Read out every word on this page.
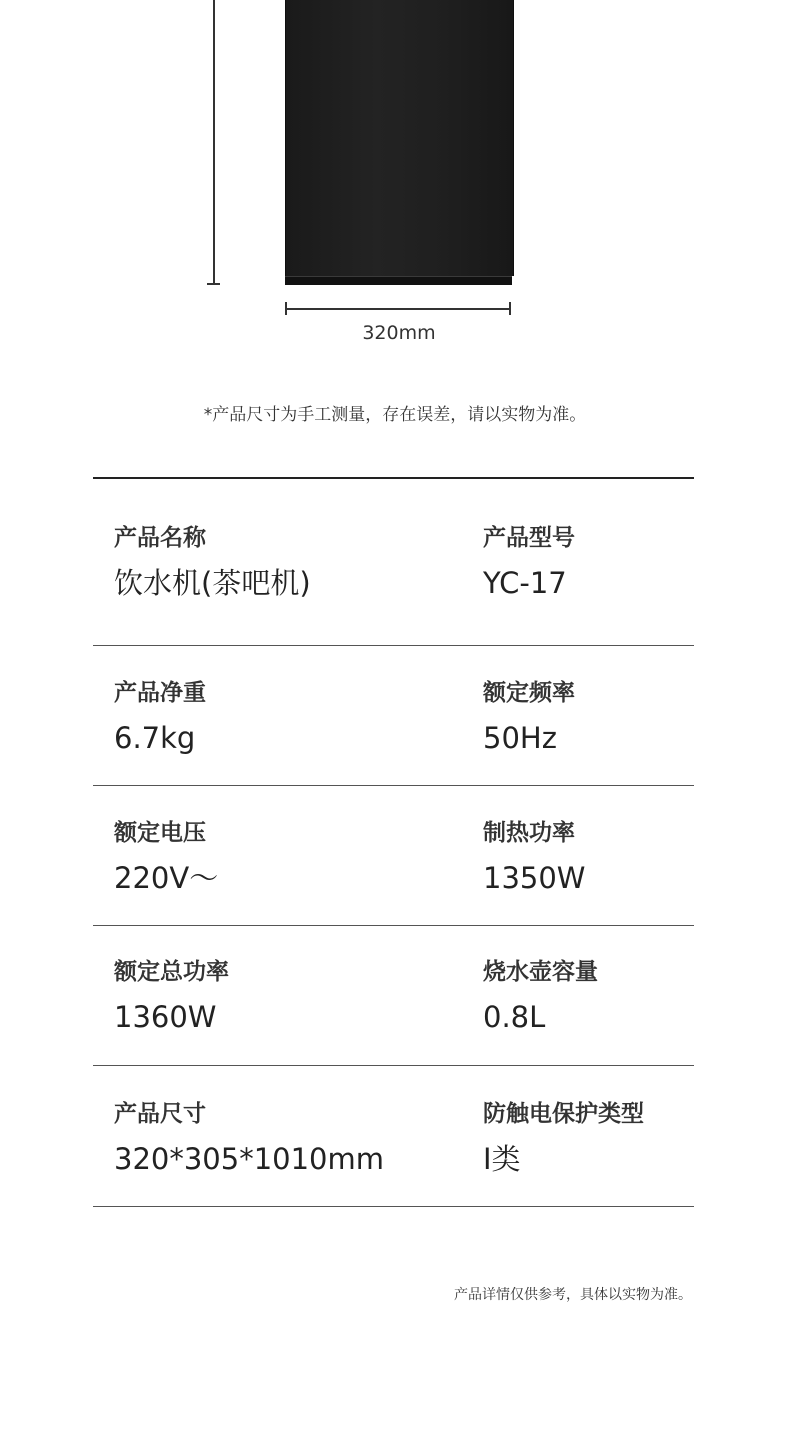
320mm
*产品尺寸为手工测量，存在误差，请以实物为准。
产品名称
饮水机(茶吧机)
产品型号
YC-17
产品净重
6.7kg
额定频率
50Hz
额定电压
220V～
制热功率
1350W
额定总功率
1360W
烧水壶容量
0.8L
产品尺寸
320*305*1010mm
防触电保护类型
I类
产品详情仅供参考，具体以实物为准。
